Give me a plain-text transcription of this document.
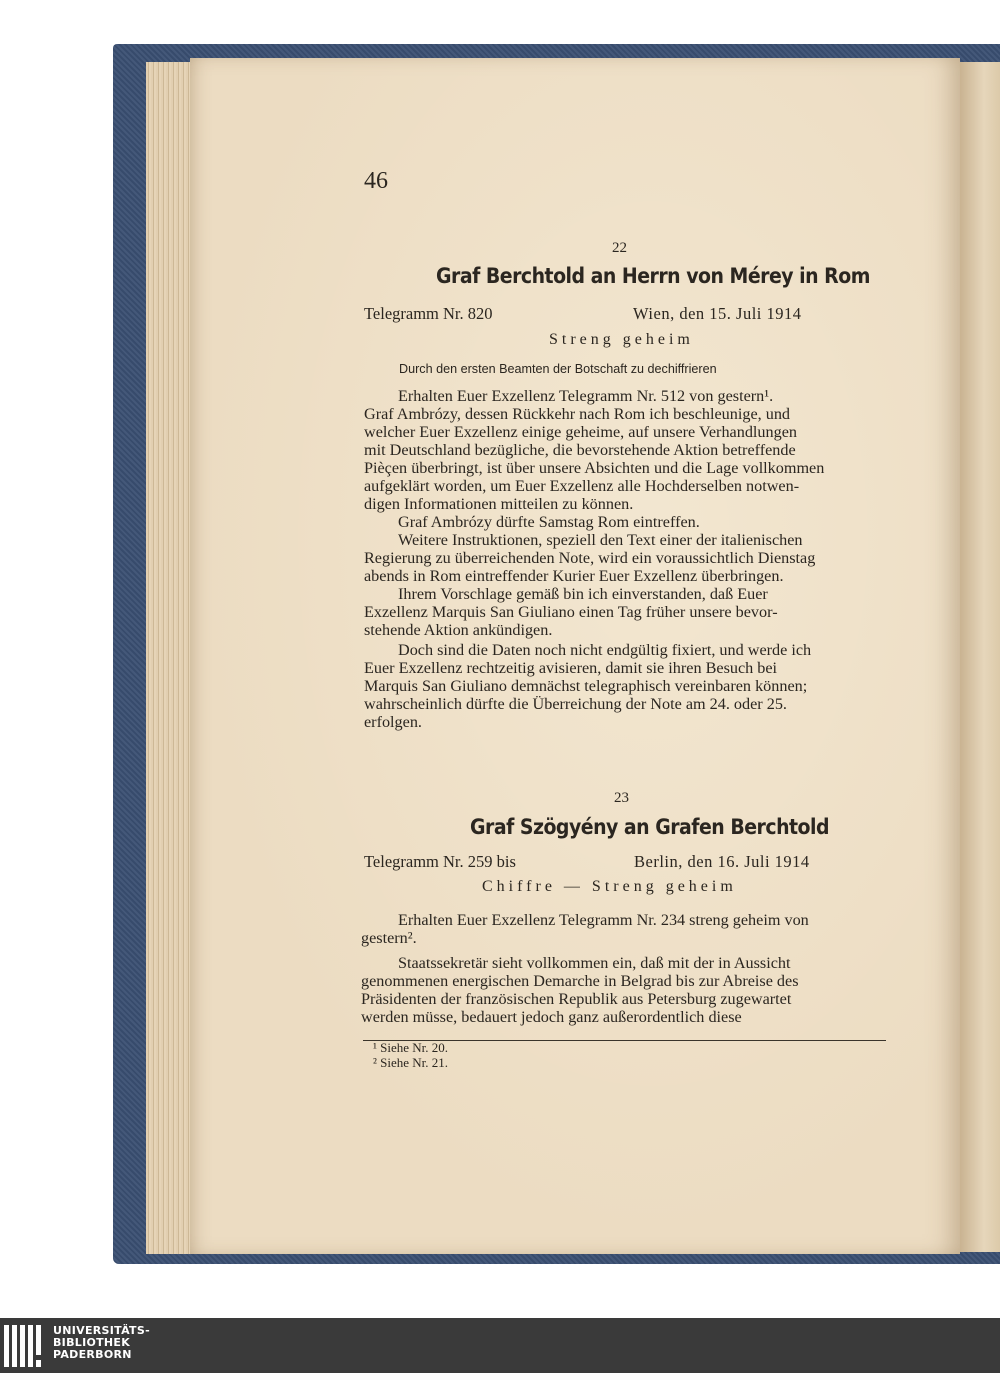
46
22
Graf Berchtold an Herrn von Mérey in Rom
Telegramm Nr. 820	Wien, den 15. Juli 1914
Streng geheim
Durch den ersten Beamten der Botschaft zu dechiffrieren
Erhalten Euer Exzellenz Telegramm Nr. 512 von gestern¹.
Graf Ambrózy, dessen Rückkehr nach Rom ich beschleunige, und
welcher Euer Exzellenz einige geheime, auf unsere Verhandlungen
mit Deutschland bezügliche, die bevorstehende Aktion betreffende
Pièçen überbringt, ist über unsere Absichten und die Lage vollkommen
aufgeklärt worden, um Euer Exzellenz alle Hochderselben notwen-
digen Informationen mitteilen zu können.
Graf Ambrózy dürfte Samstag Rom eintreffen.
Weitere Instruktionen, speziell den Text einer der italienischen
Regierung zu überreichenden Note, wird ein voraussichtlich Dienstag
abends in Rom eintreffender Kurier Euer Exzellenz überbringen.
Ihrem Vorschlage gemäß bin ich einverstanden, daß Euer
Exzellenz Marquis San Giuliano einen Tag früher unsere bevor-
stehende Aktion ankündigen.
Doch sind die Daten noch nicht endgültig fixiert, und werde ich
Euer Exzellenz rechtzeitig avisieren, damit sie ihren Besuch bei
Marquis San Giuliano demnächst telegraphisch vereinbaren können;
wahrscheinlich dürfte die Überreichung der Note am 24. oder 25.
erfolgen.
23
Graf Szögyény an Grafen Berchtold
Telegramm Nr. 259 bis	Berlin, den 16. Juli 1914
Chiffre — Streng geheim
Erhalten Euer Exzellenz Telegramm Nr. 234 streng geheim von
gestern².
Staatssekretär sieht vollkommen ein, daß mit der in Aussicht
genommenen energischen Demarche in Belgrad bis zur Abreise des
Präsidenten der französischen Republik aus Petersburg zugewartet
werden müsse, bedauert jedoch ganz außerordentlich diese
¹ Siehe Nr. 20.
² Siehe Nr. 21.
UNIVERSITÄTS-
BIBLIOTHEK
PADERBORN
